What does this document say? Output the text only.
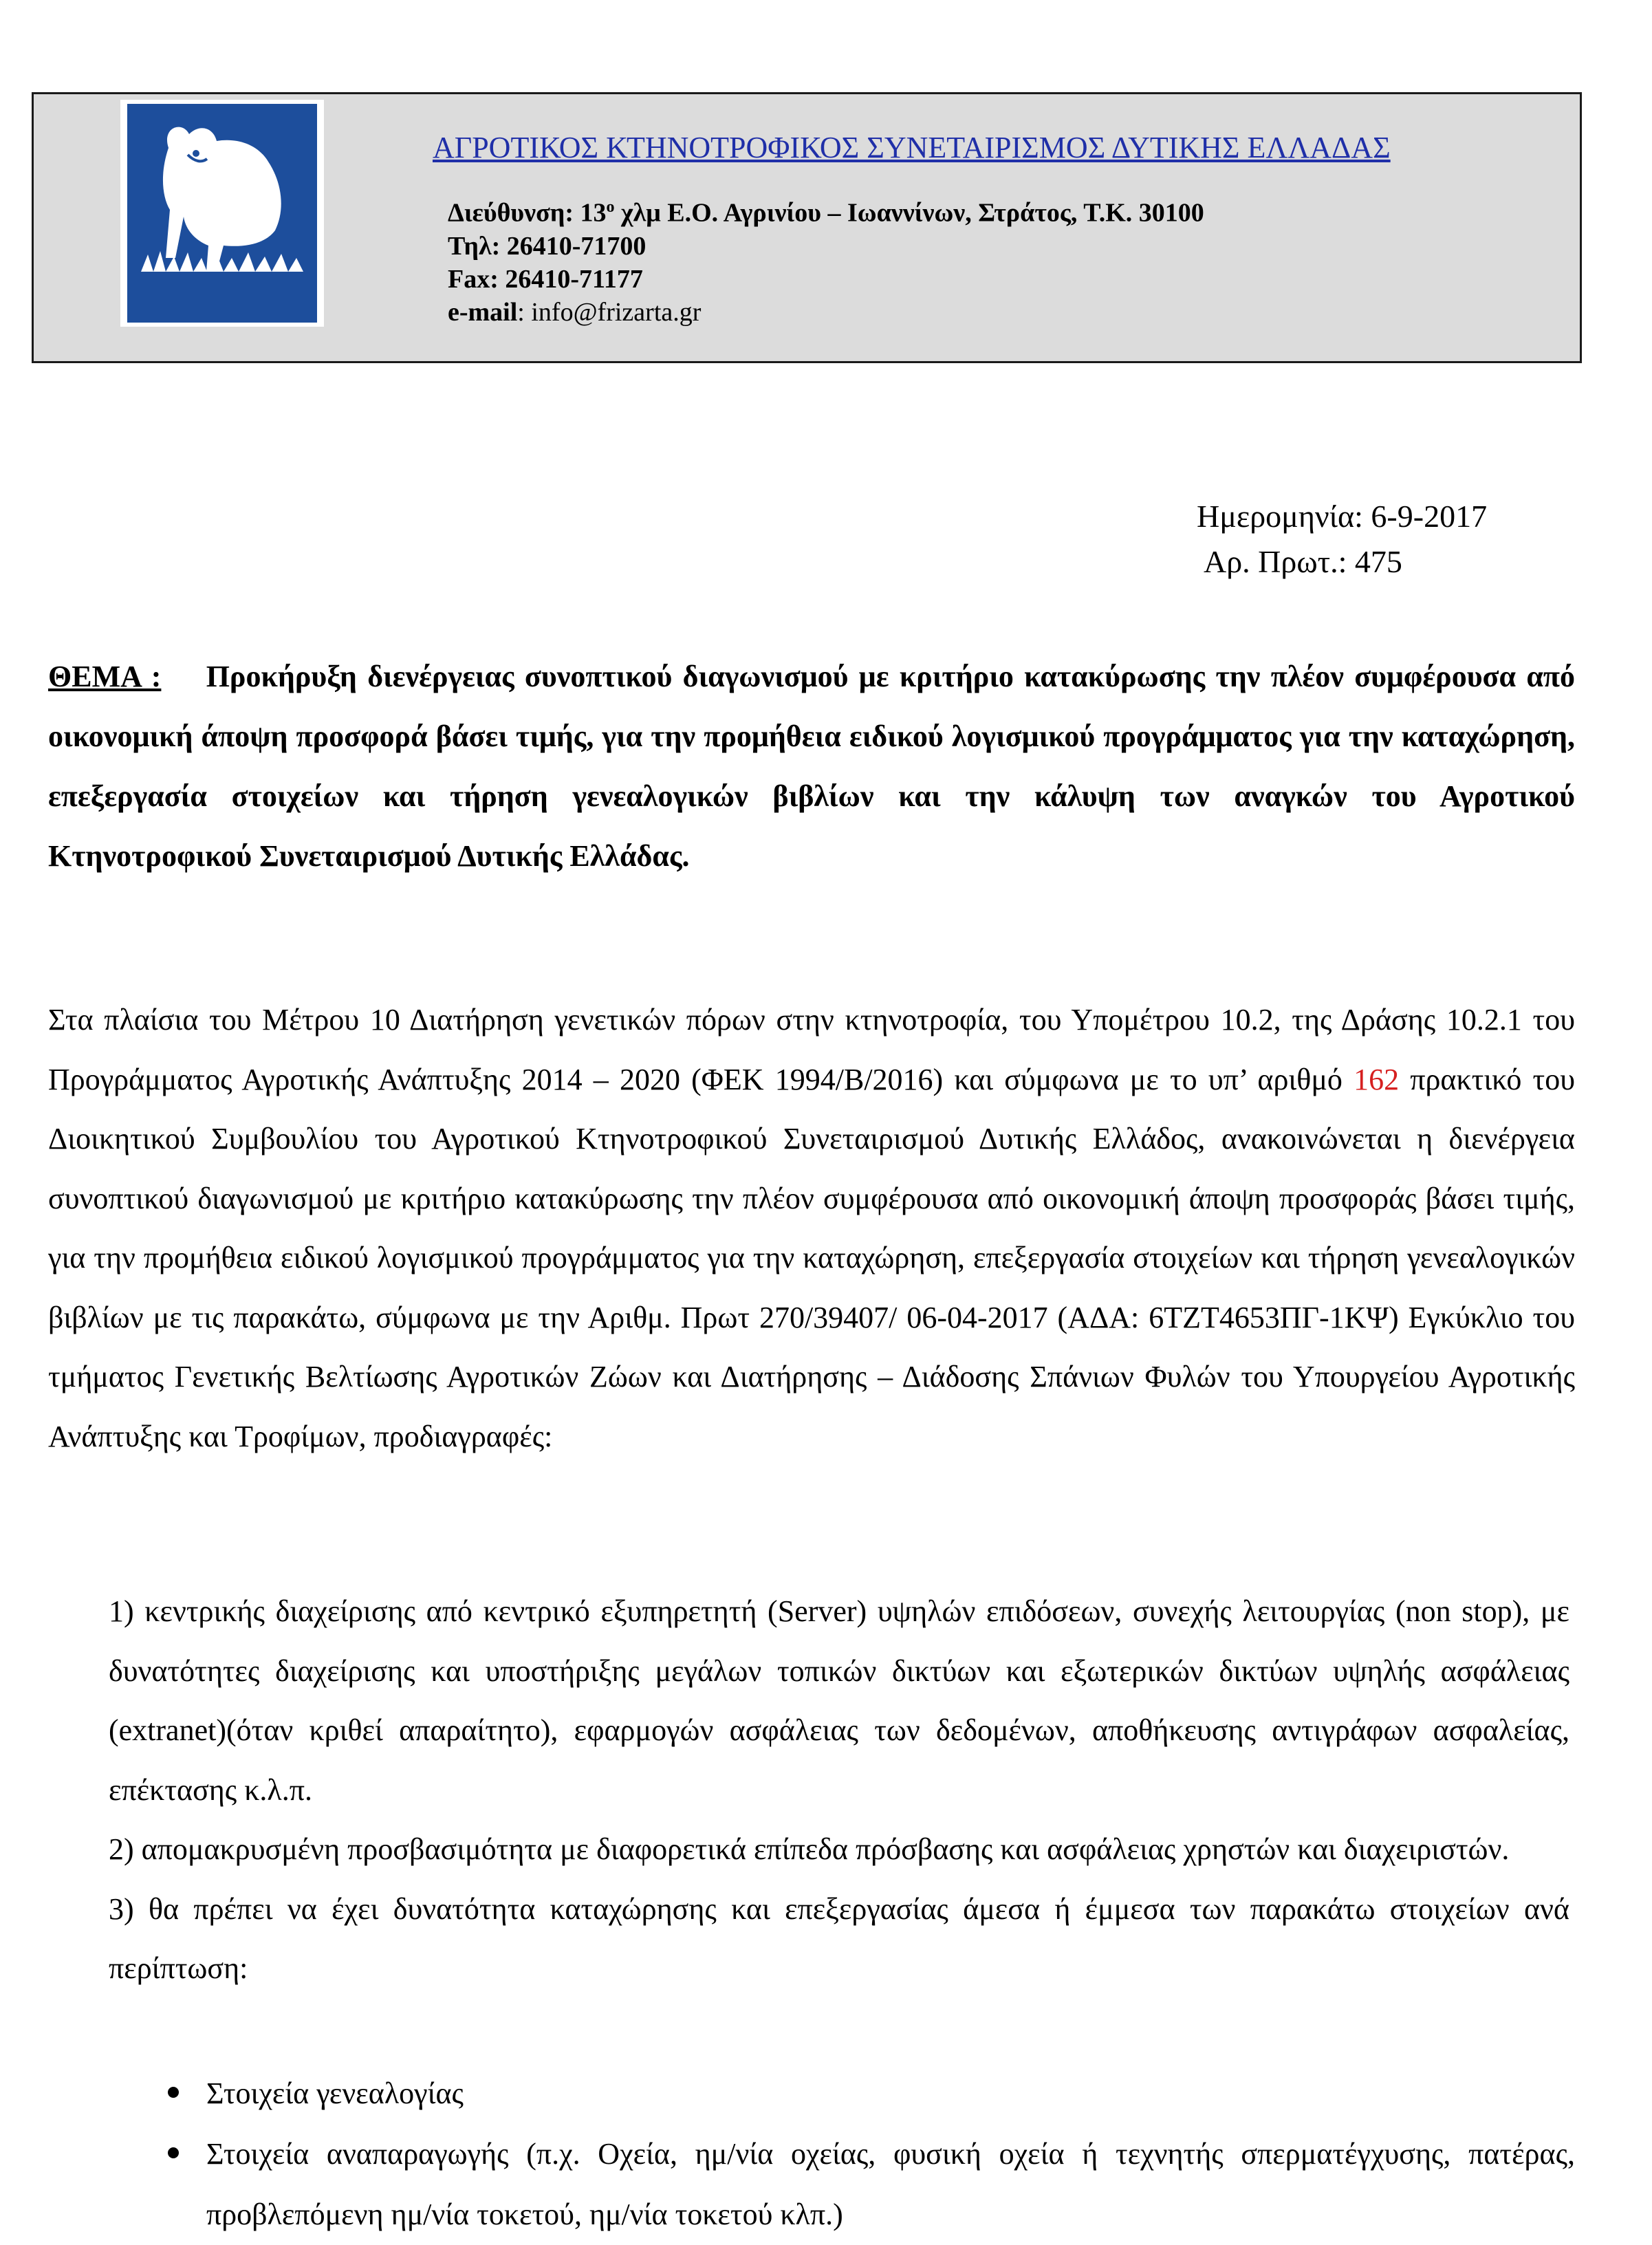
ΑΓΡΟΤΙΚΟΣ ΚΤΗΝΟΤΡΟΦΙΚΟΣ ΣΥΝΕΤΑΙΡΙΣΜΟΣ ΔΥΤΙΚΗΣ ΕΛΛΑΔΑΣ
Διεύθυνση: $13^o$ χλμ Ε.Ο. Αγρινίου – Ιωαννίνων, Στράτος, Τ.Κ. 30100
Τηλ: 26410-71700
Fax: 26410-71177
e-mail: info@frizarta.gr
Ημερομηνία: 6-9-2017
Αρ. Πρωτ.: 475
ΘΕΜΑ : Προκήρυξη διενέργειας συνοπτικού διαγωνισμού με κριτήριο κατακύρωσης την πλέον συμφέρουσα από οικονομική άποψη προσφορά βάσει τιμής, για την προμήθεια ειδικού λογισμικού προγράμματος για την καταχώρηση, επεξεργασία στοιχείων και τήρηση γενεαλογικών βιβλίων και την κάλυψη των αναγκών του Αγροτικού Κτηνοτροφικού Συνεταιρισμού Δυτικής Ελλάδας.
Στα πλαίσια του Μέτρου 10 Διατήρηση γενετικών πόρων στην κτηνοτροφία, του Υπομέτρου 10.2, της Δράσης 10.2.1 του Προγράμματος Αγροτικής Ανάπτυξης 2014 – 2020 (ΦΕΚ 1994/Β/2016) και σύμφωνα με το υπ’ αριθμό 162 πρακτικό του Διοικητικού Συμβουλίου του Αγροτικού Κτηνοτροφικού Συνεταιρισμού Δυτικής Ελλάδος, ανακοινώνεται η διενέργεια συνοπτικού διαγωνισμού με κριτήριο κατακύρωσης την πλέον συμφέρουσα από οικονομική άποψη προσφοράς βάσει τιμής, για την προμήθεια ειδικού λογισμικού προγράμματος για την καταχώρηση, επεξεργασία στοιχείων και τήρηση γενεαλογικών βιβλίων με τις παρακάτω, σύμφωνα με την Αριθμ. Πρωτ 270/39407/ 06-04-2017 (ΑΔΑ: 6ΤΖΤ4653ΠΓ-1ΚΨ) Εγκύκλιο του τμήματος Γενετικής Βελτίωσης Αγροτικών Ζώων και Διατήρησης – Διάδοσης Σπάνιων Φυλών του Υπουργείου Αγροτικής Ανάπτυξης και Τροφίμων, προδιαγραφές:

1) κεντρικής διαχείρισης από κεντρικό εξυπηρετητή (Server) υψηλών επιδόσεων, συνεχής λειτουργίας (non stop), με δυνατότητες διαχείρισης και υποστήριξης μεγάλων τοπικών δικτύων και εξωτερικών δικτύων υψηλής ασφάλειας (extranet)(όταν κριθεί απαραίτητο), εφαρμογών ασφάλειας των δεδομένων, αποθήκευσης αντιγράφων ασφαλείας, επέκτασης κ.λ.π.

2) απομακρυσμένη προσβασιμότητα με διαφορετικά επίπεδα πρόσβασης και ασφάλειας χρηστών και διαχειριστών.

3) θα πρέπει να έχει δυνατότητα καταχώρησης και επεξεργασίας άμεσα ή έμμεσα των παρακάτω στοιχείων ανά περίπτωση:

Στοιχεία γενεαλογίας
Στοιχεία αναπαραγωγής (π.χ. Οχεία, ημ/νία οχείας, φυσική οχεία ή τεχνητής σπερματέγχυσης, πατέρας, προβλεπόμενη ημ/νία τοκετού, ημ/νία τοκετού κλπ.)
